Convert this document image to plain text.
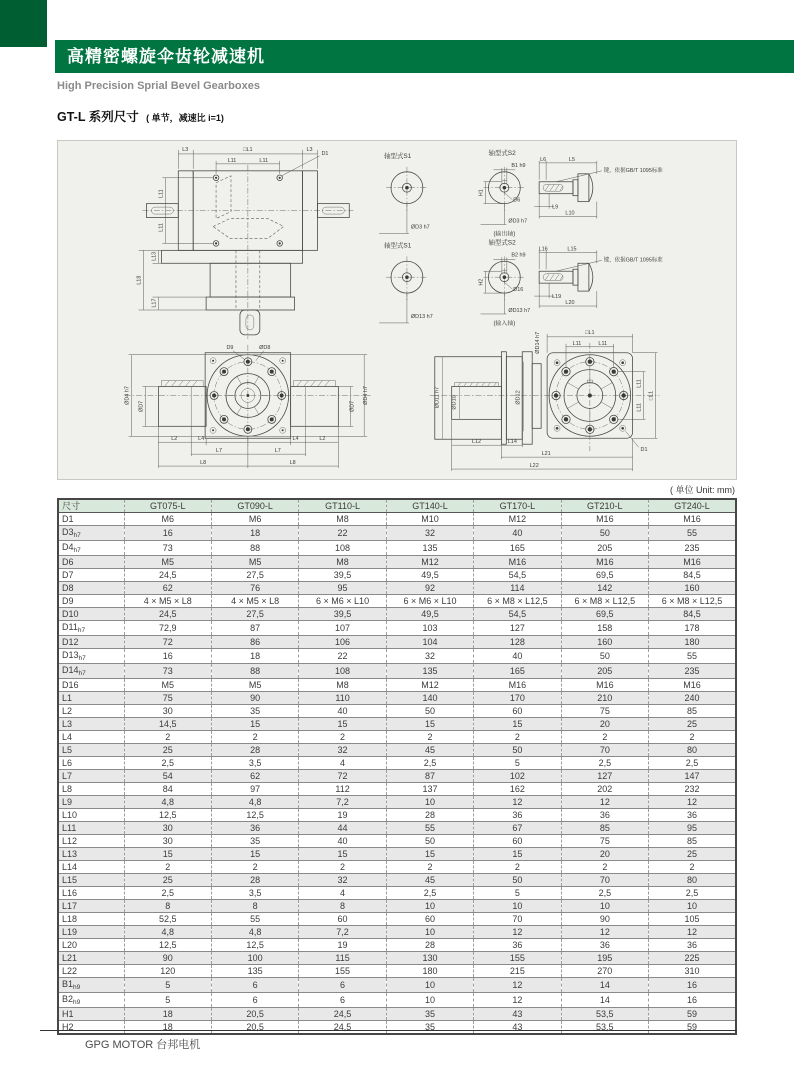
高精密螺旋伞齿轮减速机
High Precision Sprial Bevel Gearboxes
GT-L 系列尺寸 ( 单节，减速比 i=1)
L3	□L1	L3
D1
L11	L11
L11
L11
L13
L18
L17
轴型式S1
ØD3 h7
轴型式S2
B1 h9
H1
D6
ØD3 h7
(输出轴)
L6	L5
键，依据GB/T 1095标准
L9
L10
轴型式S1
ØD13 h7
轴型式S2
B2 h9
H2
D16
ØD13 h7
(输入轴)
L16	L15
键，依据GB/T 1095标准
L19
L20
D9	ØD8
ØD4 h7
ØD7
ØD4 h7
ØD7
L2	L4	L4	L2
L7	L7
L8	L8
ØD11 h7 ØD10	ØD12
ØD14 h7	□L1
L11	L11
L11
L11
□L1
L12	L14
L21
L22
D1
( 单位 Unit: mm)
尺寸	GT075-L	GT090-L	GT110-L	GT140-L	GT170-L	GT210-L	GT240-L
D1	M6	M6	M8	M10	M12	M16	M16
D3h7	16	18	22	32	40	50	55
D4h7	73	88	108	135	165	205	235
D6	M5	M5	M8	M12	M16	M16	M16
D7	24,5	27,5	39,5	49,5	54,5	69,5	84,5
D8	62	76	95	92	114	142	160
D9	4 × M5 × L8	4 × M5 × L8	6 × M6 × L10	6 × M6 × L10	6 × M8 × L12,5	6 × M8 × L12,5	6 × M8 × L12,5
D10	24,5	27,5	39,5	49,5	54,5	69,5	84,5
D11h7	72,9	87	107	103	127	158	178
D12	72	86	106	104	128	160	180
D13h7	16	18	22	32	40	50	55
D14h7	73	88	108	135	165	205	235
D16	M5	M5	M8	M12	M16	M16	M16
L1	75	90	110	140	170	210	240
L2	30	35	40	50	60	75	85
L3	14,5	15	15	15	15	20	25
L4	2	2	2	2	2	2	2
L5	25	28	32	45	50	70	80
L6	2,5	3,5	4	2,5	5	2,5	2,5
L7	54	62	72	87	102	127	147
L8	84	97	112	137	162	202	232
L9	4,8	4,8	7,2	10	12	12	12
L10	12,5	12,5	19	28	36	36	36
L11	30	36	44	55	67	85	95
L12	30	35	40	50	60	75	85
L13	15	15	15	15	15	20	25
L14	2	2	2	2	2	2	2
L15	25	28	32	45	50	70	80
L16	2,5	3,5	4	2,5	5	2,5	2,5
L17	8	8	8	10	10	10	10
L18	52,5	55	60	60	70	90	105
L19	4,8	4,8	7,2	10	12	12	12
L20	12,5	12,5	19	28	36	36	36
L21	90	100	115	130	155	195	225
L22	120	135	155	180	215	270	310
B1h9	5	6	6	10	12	14	16
B2h9	5	6	6	10	12	14	16
H1	18	20,5	24,5	35	43	53,5	59
H2	18	20,5	24,5	35	43	53,5	59
GPG MOTOR 台邦电机
